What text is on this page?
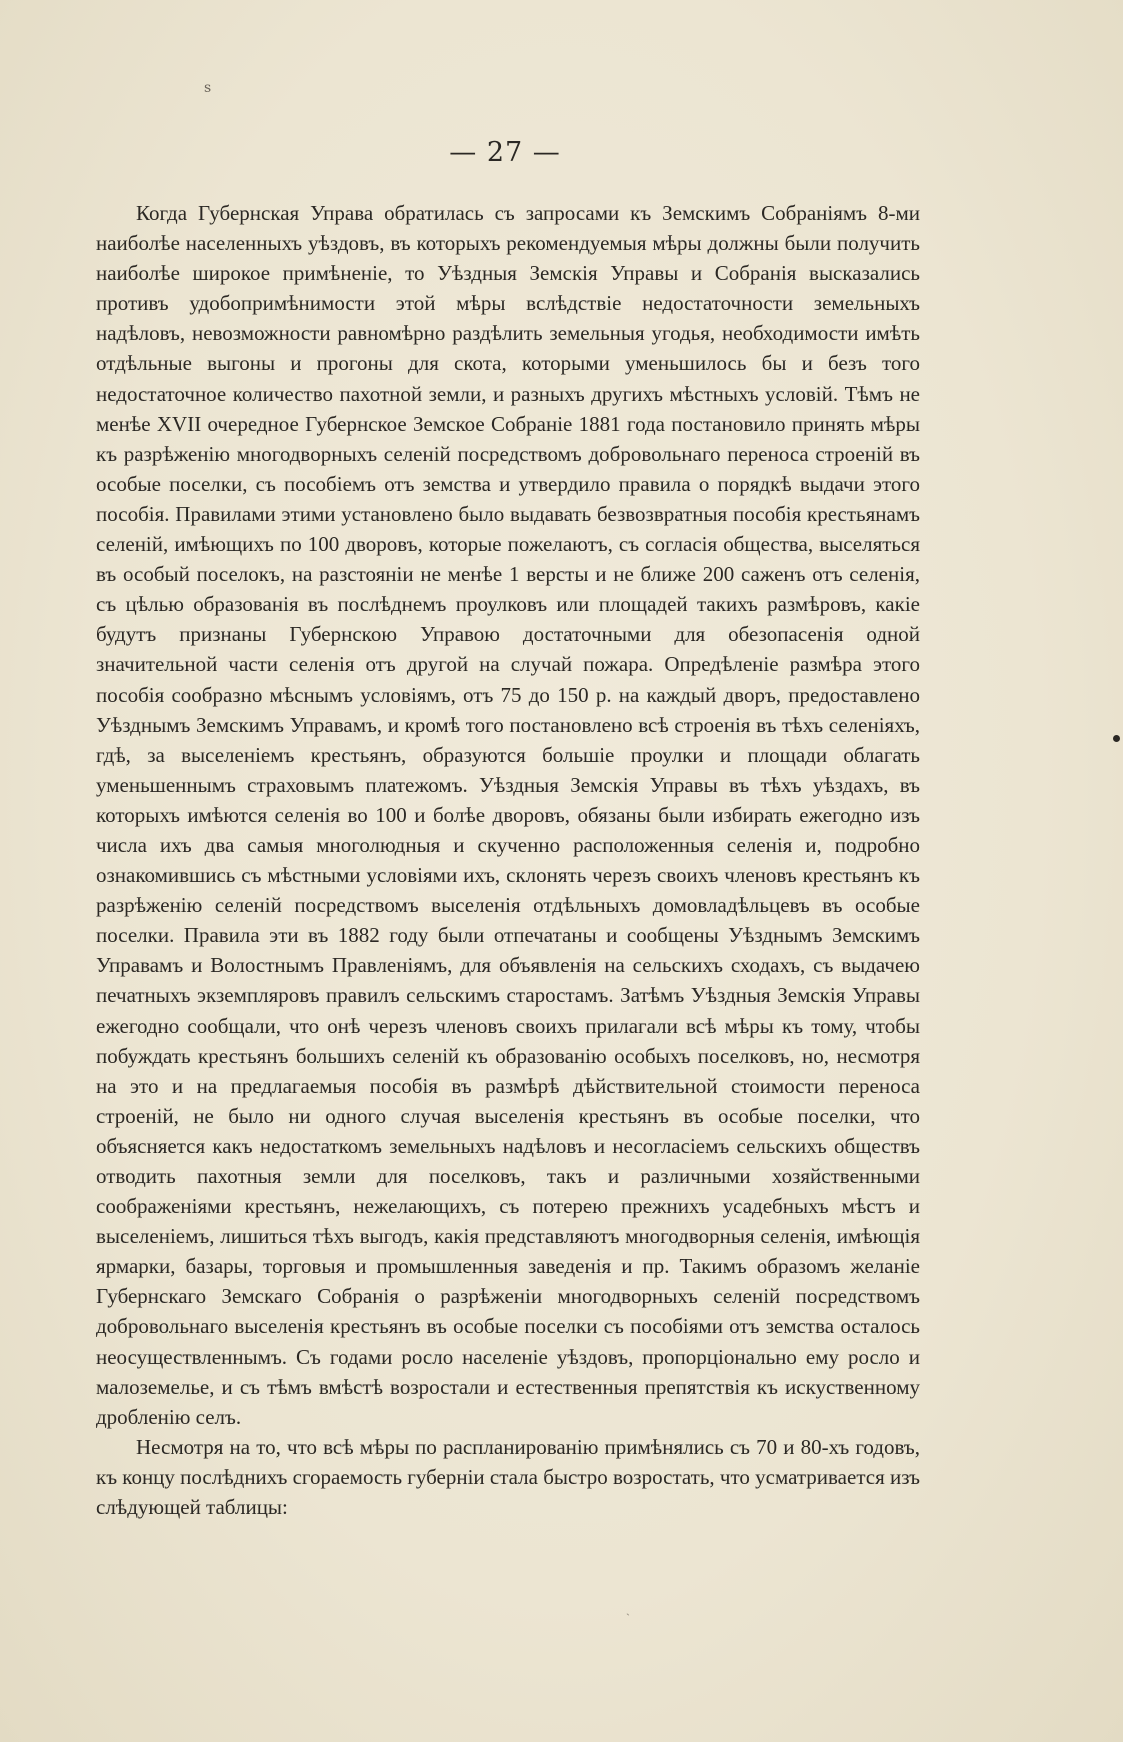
ѕ
— 27 —

Когда Губернская Управа обратилась съ запросами къ Земскимъ Собраніямъ 8-ми наиболѣе населенныхъ уѣздовъ, въ которыхъ рекомендуемыя мѣры должны были получить наиболѣе широкое примѣненіе, то Уѣздныя Земскія Управы и Собранія высказались противъ удобопримѣнимости этой мѣры вслѣдствіе недостаточности земельныхъ надѣловъ, невозможности равномѣрно раздѣлить земельныя угодья, необходимости имѣть отдѣльные выгоны и прогоны для скота, которыми уменьшилось бы и безъ того недостаточное количество пахотной земли, и разныхъ другихъ мѣстныхъ условій. Тѣмъ не менѣе XVII очередное Губернское Земское Собраніе 1881 года постановило принять мѣры къ разрѣженію многодворныхъ селеній посредствомъ добровольнаго переноса строеній въ особые поселки, съ пособіемъ отъ земства и утвердило правила о порядкѣ выдачи этого пособія. Правилами этими установлено было выдавать безвозвратныя пособія крестьянамъ селеній, имѣющихъ по 100 дворовъ, которые пожелаютъ, съ согласія общества, выселяться въ особый поселокъ, на разстояніи не менѣе 1 версты и не ближе 200 саженъ отъ селенія, съ цѣлью образованія въ послѣднемъ проулковъ или площадей такихъ размѣровъ, какіе будутъ признаны Губернскою Управою достаточными для обезопасенія одной значительной части селенія отъ другой на случай пожара. Опредѣленіе размѣра этого пособія сообразно мѣснымъ условіямъ, отъ 75 до 150 р. на каждый дворъ, предоставлено Уѣзднымъ Земскимъ Управамъ, и кромѣ того постановлено всѣ строенія въ тѣхъ селеніяхъ, гдѣ, за выселеніемъ крестьянъ, образуются большіе проулки и площади облагать уменьшеннымъ страховымъ платежомъ. Уѣздныя Земскія Управы въ тѣхъ уѣздахъ, въ которыхъ имѣются селенія во 100 и болѣе дворовъ, обязаны были избирать ежегодно изъ числа ихъ два самыя многолюдныя и скученно расположенныя селенія и, подробно ознакомившись съ мѣстными условіями ихъ, склонять черезъ своихъ членовъ крестьянъ къ разрѣженію селеній посредствомъ выселенія отдѣльныхъ домовладѣльцевъ въ особые поселки. Правила эти въ 1882 году были отпечатаны и сообщены Уѣзднымъ Земскимъ Управамъ и Волостнымъ Правленіямъ, для объявленія на сельскихъ сходахъ, съ выдачею печатныхъ экземпляровъ правилъ сельскимъ старостамъ. Затѣмъ Уѣздныя Земскія Управы ежегодно сообщали, что онѣ черезъ членовъ своихъ прилагали всѣ мѣры къ тому, чтобы побуждать крестьянъ большихъ селеній къ образованію особыхъ поселковъ, но, несмотря на это и на предлагаемыя пособія въ размѣрѣ дѣйствительной стоимости переноса строеній, не было ни одного случая выселенія крестьянъ въ особые поселки, что объясняется какъ недостаткомъ земельныхъ надѣловъ и несогласіемъ сельскихъ обществъ отводить пахотныя земли для поселковъ, такъ и различными хозяйственными соображеніями крестьянъ, нежелающихъ, съ потерею прежнихъ усадебныхъ мѣстъ и выселеніемъ, лишиться тѣхъ выгодъ, какія представляютъ многодворныя селенія, имѣющія ярмарки, базары, торговыя и промышленныя заведенія и пр. Такимъ образомъ желаніе Губернскаго Земскаго Собранія о разрѣженіи многодворныхъ селеній посредствомъ добровольнаго выселенія крестьянъ въ особые поселки съ пособіями отъ земства осталось неосуществленнымъ. Съ годами росло населеніе уѣздовъ, пропорціонально ему росло и малоземелье, и съ тѣмъ вмѣстѣ возростали и естественныя препятствія къ искуственному дробленію селъ.

Несмотря на то, что всѣ мѣры по распланированію примѣнялись съ 70 и 80-хъ годовъ, къ концу послѣднихъ сгораемость губерніи стала быстро возростать, что усматривается изъ слѣдующей таблицы:

ˎ
